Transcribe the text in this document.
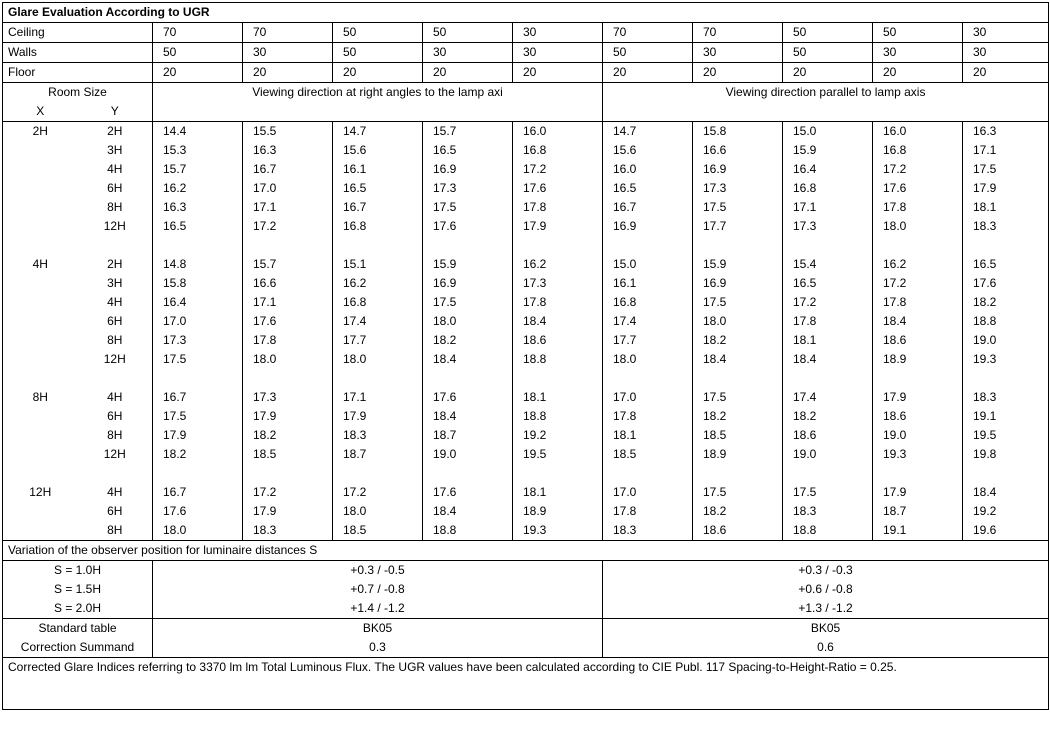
Glare Evaluation According to UGR											
Ceiling		70	70	50	50	30	70	70	50	50	30
Walls		50	30	50	30	30	50	30	50	30	30
Floor		20	20	20	20	20	20	20	20	20	20
Room Size		Viewing direction at right angles to the lamp axi					Viewing direction parallel to lamp axis				
X	Y										
2H	2H	14.4	15.5	14.7	15.7	16.0	14.7	15.8	15.0	16.0	16.3
	3H	15.3	16.3	15.6	16.5	16.8	15.6	16.6	15.9	16.8	17.1
	4H	15.7	16.7	16.1	16.9	17.2	16.0	16.9	16.4	17.2	17.5
	6H	16.2	17.0	16.5	17.3	17.6	16.5	17.3	16.8	17.6	17.9
	8H	16.3	17.1	16.7	17.5	17.8	16.7	17.5	17.1	17.8	18.1
	12H	16.5	17.2	16.8	17.6	17.9	16.9	17.7	17.3	18.0	18.3

4H	2H	14.8	15.7	15.1	15.9	16.2	15.0	15.9	15.4	16.2	16.5
	3H	15.8	16.6	16.2	16.9	17.3	16.1	16.9	16.5	17.2	17.6
	4H	16.4	17.1	16.8	17.5	17.8	16.8	17.5	17.2	17.8	18.2
	6H	17.0	17.6	17.4	18.0	18.4	17.4	18.0	17.8	18.4	18.8
	8H	17.3	17.8	17.7	18.2	18.6	17.7	18.2	18.1	18.6	19.0
	12H	17.5	18.0	18.0	18.4	18.8	18.0	18.4	18.4	18.9	19.3

8H	4H	16.7	17.3	17.1	17.6	18.1	17.0	17.5	17.4	17.9	18.3
	6H	17.5	17.9	17.9	18.4	18.8	17.8	18.2	18.2	18.6	19.1
	8H	17.9	18.2	18.3	18.7	19.2	18.1	18.5	18.6	19.0	19.5
	12H	18.2	18.5	18.7	19.0	19.5	18.5	18.9	19.0	19.3	19.8

12H	4H	16.7	17.2	17.2	17.6	18.1	17.0	17.5	17.5	17.9	18.4
	6H	17.6	17.9	18.0	18.4	18.9	17.8	18.2	18.3	18.7	19.2
	8H	18.0	18.3	18.5	18.8	19.3	18.3	18.6	18.8	19.1	19.6
Variation of the observer position for luminaire distances S											
S = 1.0H		+0.3 / -0.5					+0.3 / -0.3				
S = 1.5H		+0.7 / -0.8					+0.6 / -0.8				
S = 2.0H		+1.4 / -1.2					+1.3 / -1.2				
Standard table		BK05					BK05				
Correction Summand		0.3					0.6				
Corrected Glare Indices referring to 3370 lm lm Total Luminous Flux. The UGR values have been calculated according to CIE Publ. 117 Spacing-to-Height-Ratio = 0.25.											
